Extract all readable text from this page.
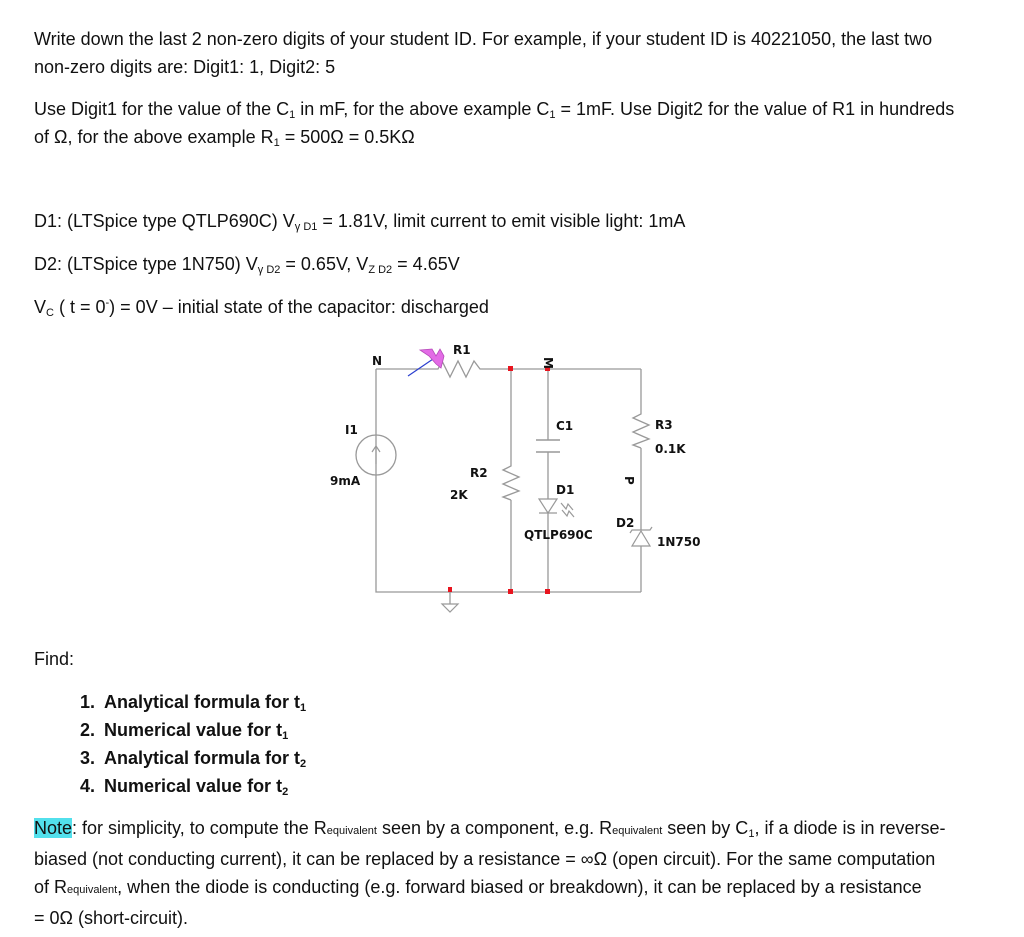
Write down the last 2 non-zero digits of your student ID. For example, if your student ID is 40221050, the last two
non-zero digits are: Digit1: 1, Digit2: 5
Use Digit1 for the value of the $C_1$ in mF, for the above example $C_1 = 1mF$. Use Digit2 for the value of R1 in hundreds
of Ω, for the above example $R_1 = 500\Omega = 0.5K\Omega$
D1: (LTSpice type QTLP690C) $V_{\gamma D1} = 1.81V$, limit current to emit visible light: 1mA
D2: (LTSpice type 1N750) $V_{\gamma D2} = 0.65V$, $V_{Z D2} = 4.65V$
$V_C$ ( t = 0-) = 0V – initial state of the capacitor: discharged
N	M
R1
I1
9mA
R2
2K
C1
D1
QTLP690C
R3
0.1K
P
D2
1N750
Find:
1. Analytical formula for $t_1$
2. Numerical value for $t_1$
3. Analytical formula for $t_2$
4. Numerical value for $t_2$
Note: for simplicity, to compute the Requivalent seen by a component, e.g. Requivalent seen by $C_1$, if a diode is in reverse-
biased (not conducting current), it can be replaced by a resistance = ∞Ω (open circuit). For the same computation
of Requivalent, when the diode is conducting (e.g. forward biased or breakdown), it can be replaced by a resistance
= 0Ω (short-circuit).
